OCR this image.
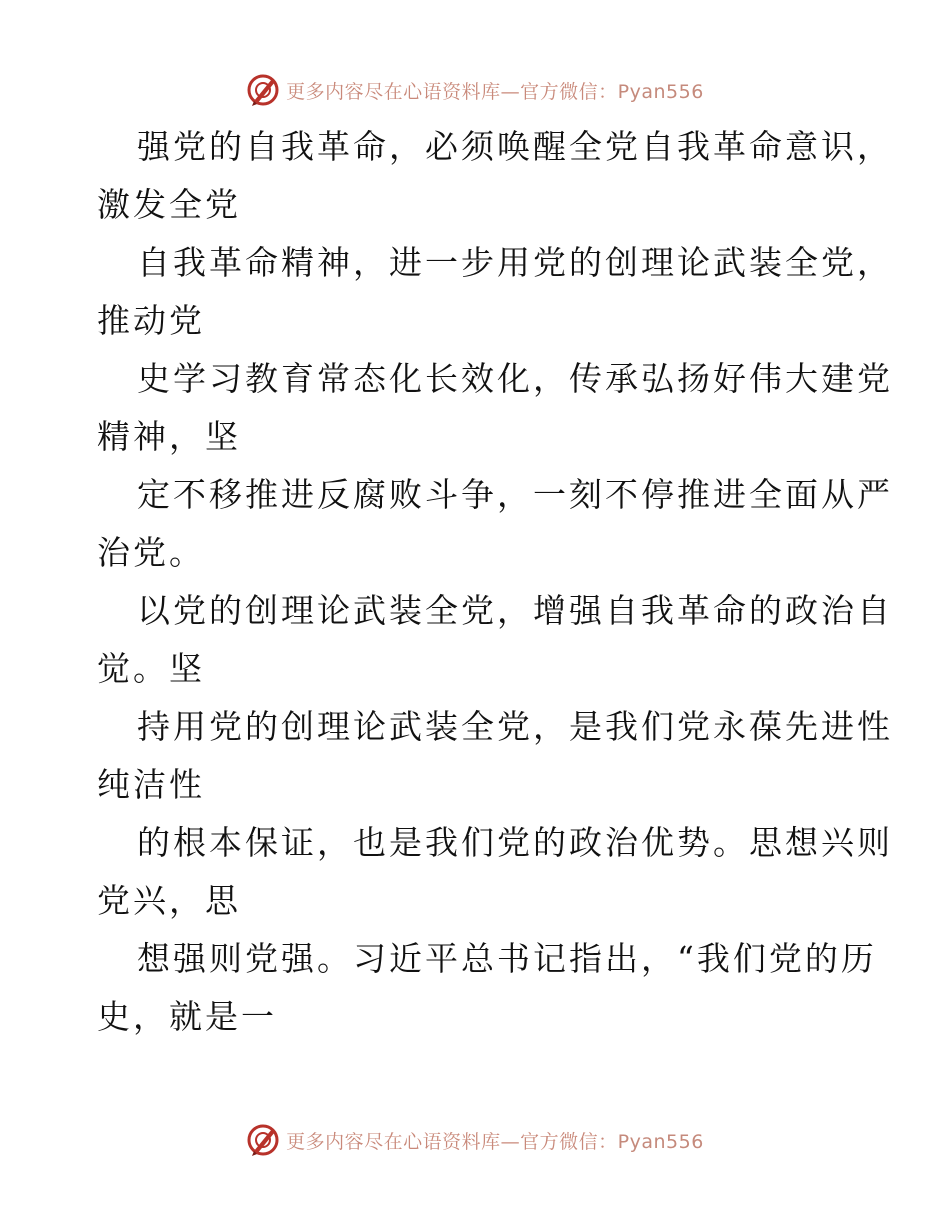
更多内容尽在心语资料库—官方微信：Pyan556

强党的自我革命，必须唤醒全党自我革命意识，

激发全党

自我革命精神，进一步用党的创理论武装全党，

推动党

史学习教育常态化长效化，传承弘扬好伟大建党

精神，坚

定不移推进反腐败斗争，一刻不停推进全面从严

治党。

以党的创理论武装全党，增强自我革命的政治自

觉。坚

持用党的创理论武装全党，是我们党永葆先进性

纯洁性

的根本保证，也是我们党的政治优势。思想兴则

党兴，思

想强则党强。习近平总书记指出，“我们党的历

史，就是一

更多内容尽在心语资料库—官方微信：Pyan556
